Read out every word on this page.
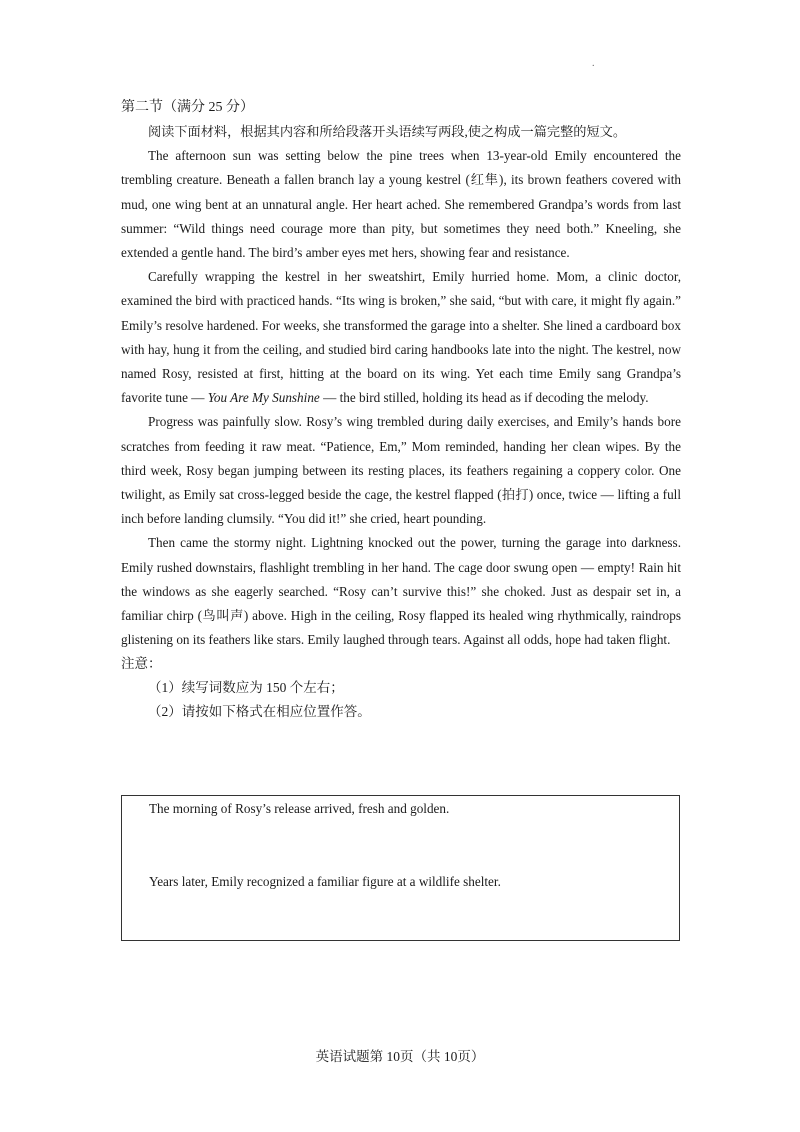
.

第二节（满分 25 分）

阅读下面材料，根据其内容和所给段落开头语续写两段,使之构成一篇完整的短文。

The afternoon sun was setting below the pine trees when 13-year-old Emily encountered the trembling creature. Beneath a fallen branch lay a young kestrel (红隼), its brown feathers covered with mud, one wing bent at an unnatural angle. Her heart ached. She remembered Grandpa’s words from last summer: “Wild things need courage more than pity, but sometimes they need both.” Kneeling, she extended a gentle hand. The bird’s amber eyes met hers, showing fear and resistance.

Carefully wrapping the kestrel in her sweatshirt, Emily hurried home. Mom, a clinic doctor, examined the bird with practiced hands. “Its wing is broken,” she said, “but with care, it might fly again.” Emily’s resolve hardened. For weeks, she transformed the garage into a shelter. She lined a cardboard box with hay, hung it from the ceiling, and studied bird caring handbooks late into the night. The kestrel, now named Rosy, resisted at first, hitting at the board on its wing. Yet each time Emily sang Grandpa’s favorite tune — You Are My Sunshine — the bird stilled, holding its head as if decoding the melody.

Progress was painfully slow. Rosy’s wing trembled during daily exercises, and Emily’s hands bore scratches from feeding it raw meat. “Patience, Em,” Mom reminded, handing her clean wipes. By the third week, Rosy began jumping between its resting places, its feathers regaining a coppery color. One twilight, as Emily sat cross-legged beside the cage, the kestrel flapped (拍打) once, twice — lifting a full inch before landing clumsily. “You did it!” she cried, heart pounding.

Then came the stormy night. Lightning knocked out the power, turning the garage into darkness. Emily rushed downstairs, flashlight trembling in her hand. The cage door swung open — empty! Rain hit the windows as she eagerly searched. “Rosy can’t survive this!” she choked. Just as despair set in, a familiar chirp (鸟叫声) above. High in the ceiling, Rosy flapped its healed wing rhythmically, raindrops glistening on its feathers like stars. Emily laughed through tears. Against all odds, hope had taken flight.

注意：

（1）续写词数应为 150 个左右；

（2）请按如下格式在相应位置作答。

The morning of Rosy’s release arrived, fresh and golden.
Years later, Emily recognized a familiar figure at a wildlife shelter.
英语试题第 10页（共 10页）
